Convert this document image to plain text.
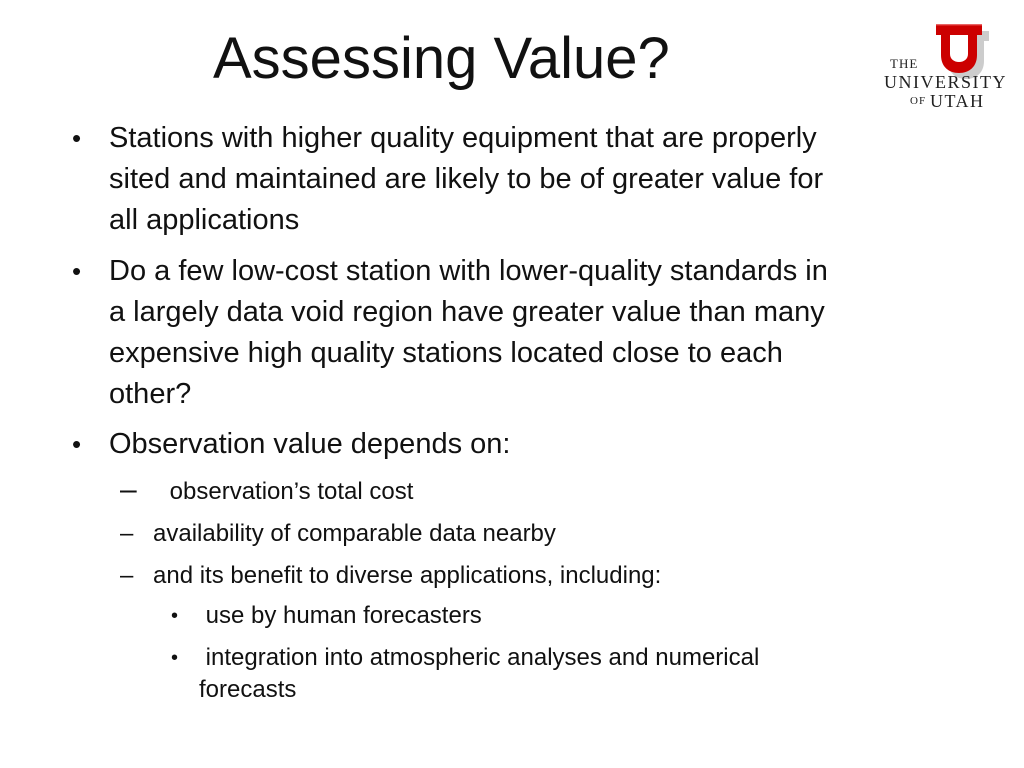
Assessing Value?	THE
UNIVERSITY
OF UTAH
• Stations with higher quality equipment that are properly
sited and maintained are likely to be of greater value for
all applications
• Do a few low-cost station with lower-quality standards in
a largely data void region have greater value than many
expensive high quality stations located close to each
other?
• Observation value depends on:
– observation’s total cost
– availability of comparable data nearby
– and its benefit to diverse applications, including:
• use by human forecasters
• integration into atmospheric analyses and numerical
forecasts
